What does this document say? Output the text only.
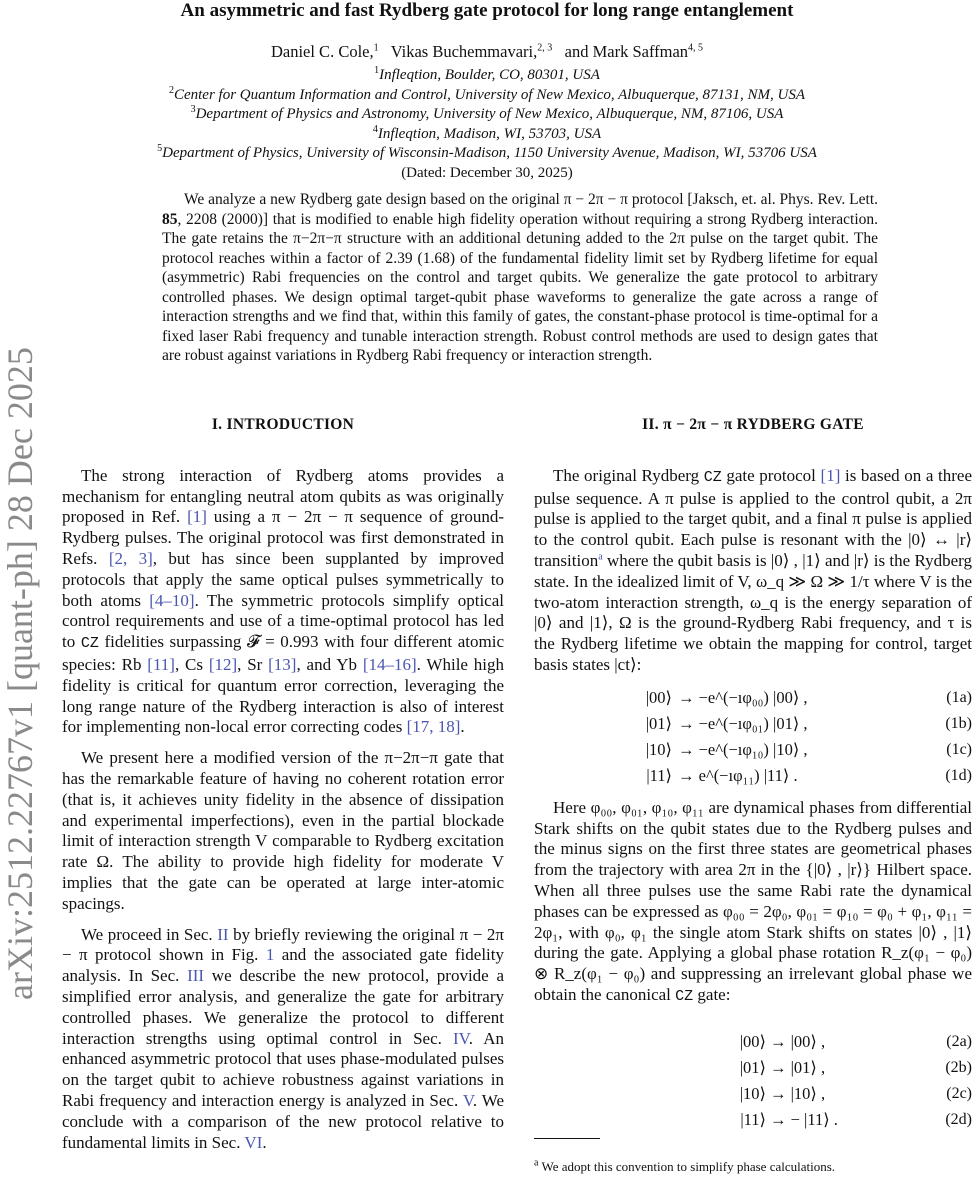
arXiv:2512.22767v1 [quant-ph] 28 Dec 2025
An asymmetric and fast Rydberg gate protocol for long range entanglement
Daniel C. Cole,$^1$ Vikas Buchemmavari,$^{2, 3}$ and Mark Saffman$^{4, 5}$
$^1$Infleqtion, Boulder, CO, 80301, USA
$^2$Center for Quantum Information and Control, University of New Mexico, Albuquerque, 87131, NM, USA
$^3$Department of Physics and Astronomy, University of New Mexico, Albuquerque, NM, 87106, USA
$^4$Infleqtion, Madison, WI, 53703, USA
$^5$Department of Physics, University of Wisconsin-Madison, 1150 University Avenue, Madison, WI, 53706 USA
(Dated: December 30, 2025)
We analyze a new Rydberg gate design based on the original π − 2π − π protocol [Jaksch, et. al. Phys. Rev. Lett. 85, 2208 (2000)] that is modified to enable high fidelity operation without requiring a strong Rydberg interaction. The gate retains the π−2π−π structure with an additional detuning added to the 2π pulse on the target qubit. The protocol reaches within a factor of 2.39 (1.68) of the fundamental fidelity limit set by Rydberg lifetime for equal (asymmetric) Rabi frequencies on the control and target qubits. We generalize the gate protocol to arbitrary controlled phases. We design optimal target-qubit phase waveforms to generalize the gate across a range of interaction strengths and we find that, within this family of gates, the constant-phase protocol is time-optimal for a fixed laser Rabi frequency and tunable interaction strength. Robust control methods are used to design gates that are robust against variations in Rydberg Rabi frequency or interaction strength.
I. INTRODUCTION

The strong interaction of Rydberg atoms provides a mechanism for entangling neutral atom qubits as was originally proposed in Ref. [1] using a π − 2π − π sequence of ground-Rydberg pulses. The original protocol was first demonstrated in Refs. [2, 3], but has since been supplanted by improved protocols that apply the same optical pulses symmetrically to both atoms [4–10]. The symmetric protocols simplify optical control requirements and use of a time-optimal protocol has led to CZ fidelities surpassing 𝓕 = 0.993 with four different atomic species: Rb [11], Cs [12], Sr [13], and Yb [14–16]. While high fidelity is critical for quantum error correction, leveraging the long range nature of the Rydberg interaction is also of interest for implementing non-local error correcting codes [17, 18].

We present here a modified version of the π−2π−π gate that has the remarkable feature of having no coherent rotation error (that is, it achieves unity fidelity in the absence of dissipation and experimental imperfections), even in the partial blockade limit of interaction strength V comparable to Rydberg excitation rate Ω. The ability to provide high fidelity for moderate V implies that the gate can be operated at large inter-atomic spacings.

We proceed in Sec. II by briefly reviewing the original π − 2π − π protocol shown in Fig. 1 and the associated gate fidelity analysis. In Sec. III we describe the new protocol, provide a simplified error analysis, and generalize the gate for arbitrary controlled phases. We generalize the protocol to different interaction strengths using optimal control in Sec. IV. An enhanced asymmetric protocol that uses phase-modulated pulses on the target qubit to achieve robustness against variations in Rabi frequency and interaction energy is analyzed in Sec. V. We conclude with a comparison of the new protocol relative to fundamental limits in Sec. VI.

II. π − 2π − π RYDBERG GATE

The original Rydberg CZ gate protocol [1] is based on a three pulse sequence. A π pulse is applied to the control qubit, a 2π pulse is applied to the target qubit, and a final π pulse is applied to the control qubit. Each pulse is resonant with the |0⟩ ↔ |r⟩ transition$^a$ where the qubit basis is |0⟩ , |1⟩ and |r⟩ is the Rydberg state. In the idealized limit of V, ω_q ≫ Ω ≫ 1/τ where V is the two-atom interaction strength, ω_q is the energy separation of |0⟩ and |1⟩, Ω is the ground-Rydberg Rabi frequency, and τ is the Rydberg lifetime we obtain the mapping for control, target basis states |ct⟩:

|00⟩ → −e^(−ıφ₀₀) |00⟩ ,	(1a)
|01⟩ → −e^(−ıφ₀₁) |01⟩ ,	(1b)
|10⟩ → −e^(−ıφ₁₀) |10⟩ ,	(1c)
|11⟩ → e^(−ıφ₁₁) |11⟩ .	(1d)

Here φ₀₀, φ₀₁, φ₁₀, φ₁₁ are dynamical phases from differential Stark shifts on the qubit states due to the Rydberg pulses and the minus signs on the first three states are geometrical phases from the trajectory with area 2π in the {|0⟩ , |r⟩} Hilbert space. When all three pulses use the same Rabi rate the dynamical phases can be expressed as φ₀₀ = 2φ₀, φ₀₁ = φ₁₀ = φ₀ + φ₁, φ₁₁ = 2φ₁, with φ₀, φ₁ the single atom Stark shifts on states |0⟩ , |1⟩ during the gate. Applying a global phase rotation R_z(φ₁ − φ₀) ⊗ R_z(φ₁ − φ₀) and suppressing an irrelevant global phase we obtain the canonical CZ gate:

|00⟩ → |00⟩ ,	(2a)
|01⟩ → |01⟩ ,	(2b)
|10⟩ → |10⟩ ,	(2c)
|11⟩ → − |11⟩ .	(2d)
$^a$ We adopt this convention to simplify phase calculations.
